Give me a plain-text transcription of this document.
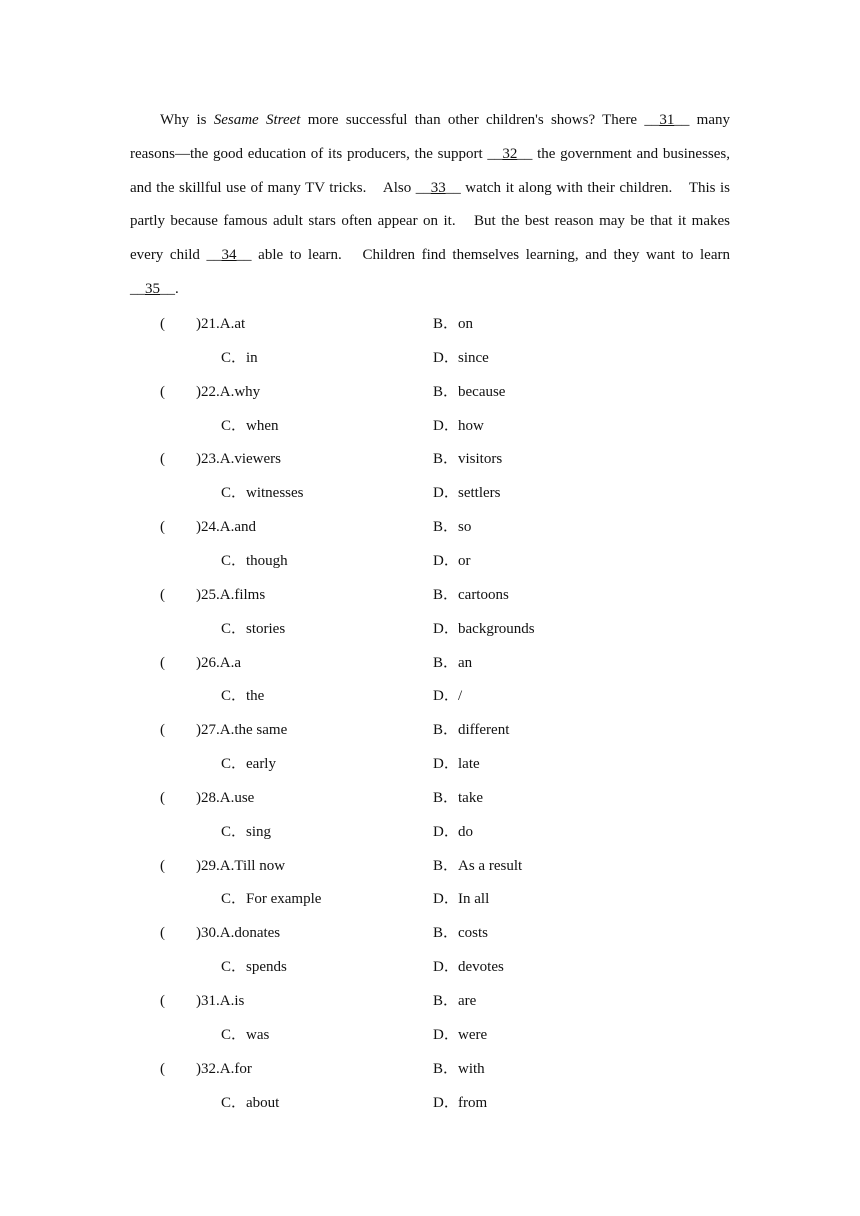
Why is Sesame Street more successful than other children's shows? There __31__ many
reasons—the good education of its producers, the support __32__ the government and businesses,
and the skillful use of many TV tricks.　Also __33__ watch it along with their children.　This is
partly because famous adult stars often appear on it.　But the best reason may be that it makes
every child __34__ able to learn.　Children find themselves learning, and they want to learn
__35__.
( )21.A.at	B．on
C．in	D．since
( )22.A.why	B．because
C．when	D．how
( )23.A.viewers	B．visitors
C．witnesses	D．settlers
( )24.A.and	B．so
C．though	D．or
( )25.A.films	B．cartoons
C．stories	D．backgrounds
( )26.A.a	B．an
C．the	D．/
( )27.A.the same	B．different
C．early	D．late
( )28.A.use	B．take
C．sing	D．do
( )29.A.Till now	B．As a result
C．For example	D．In all
( )30.A.donates	B．costs
C．spends	D．devotes
( )31.A.is	B．are
C．was	D．were
( )32.A.for	B．with
C．about	D．from
